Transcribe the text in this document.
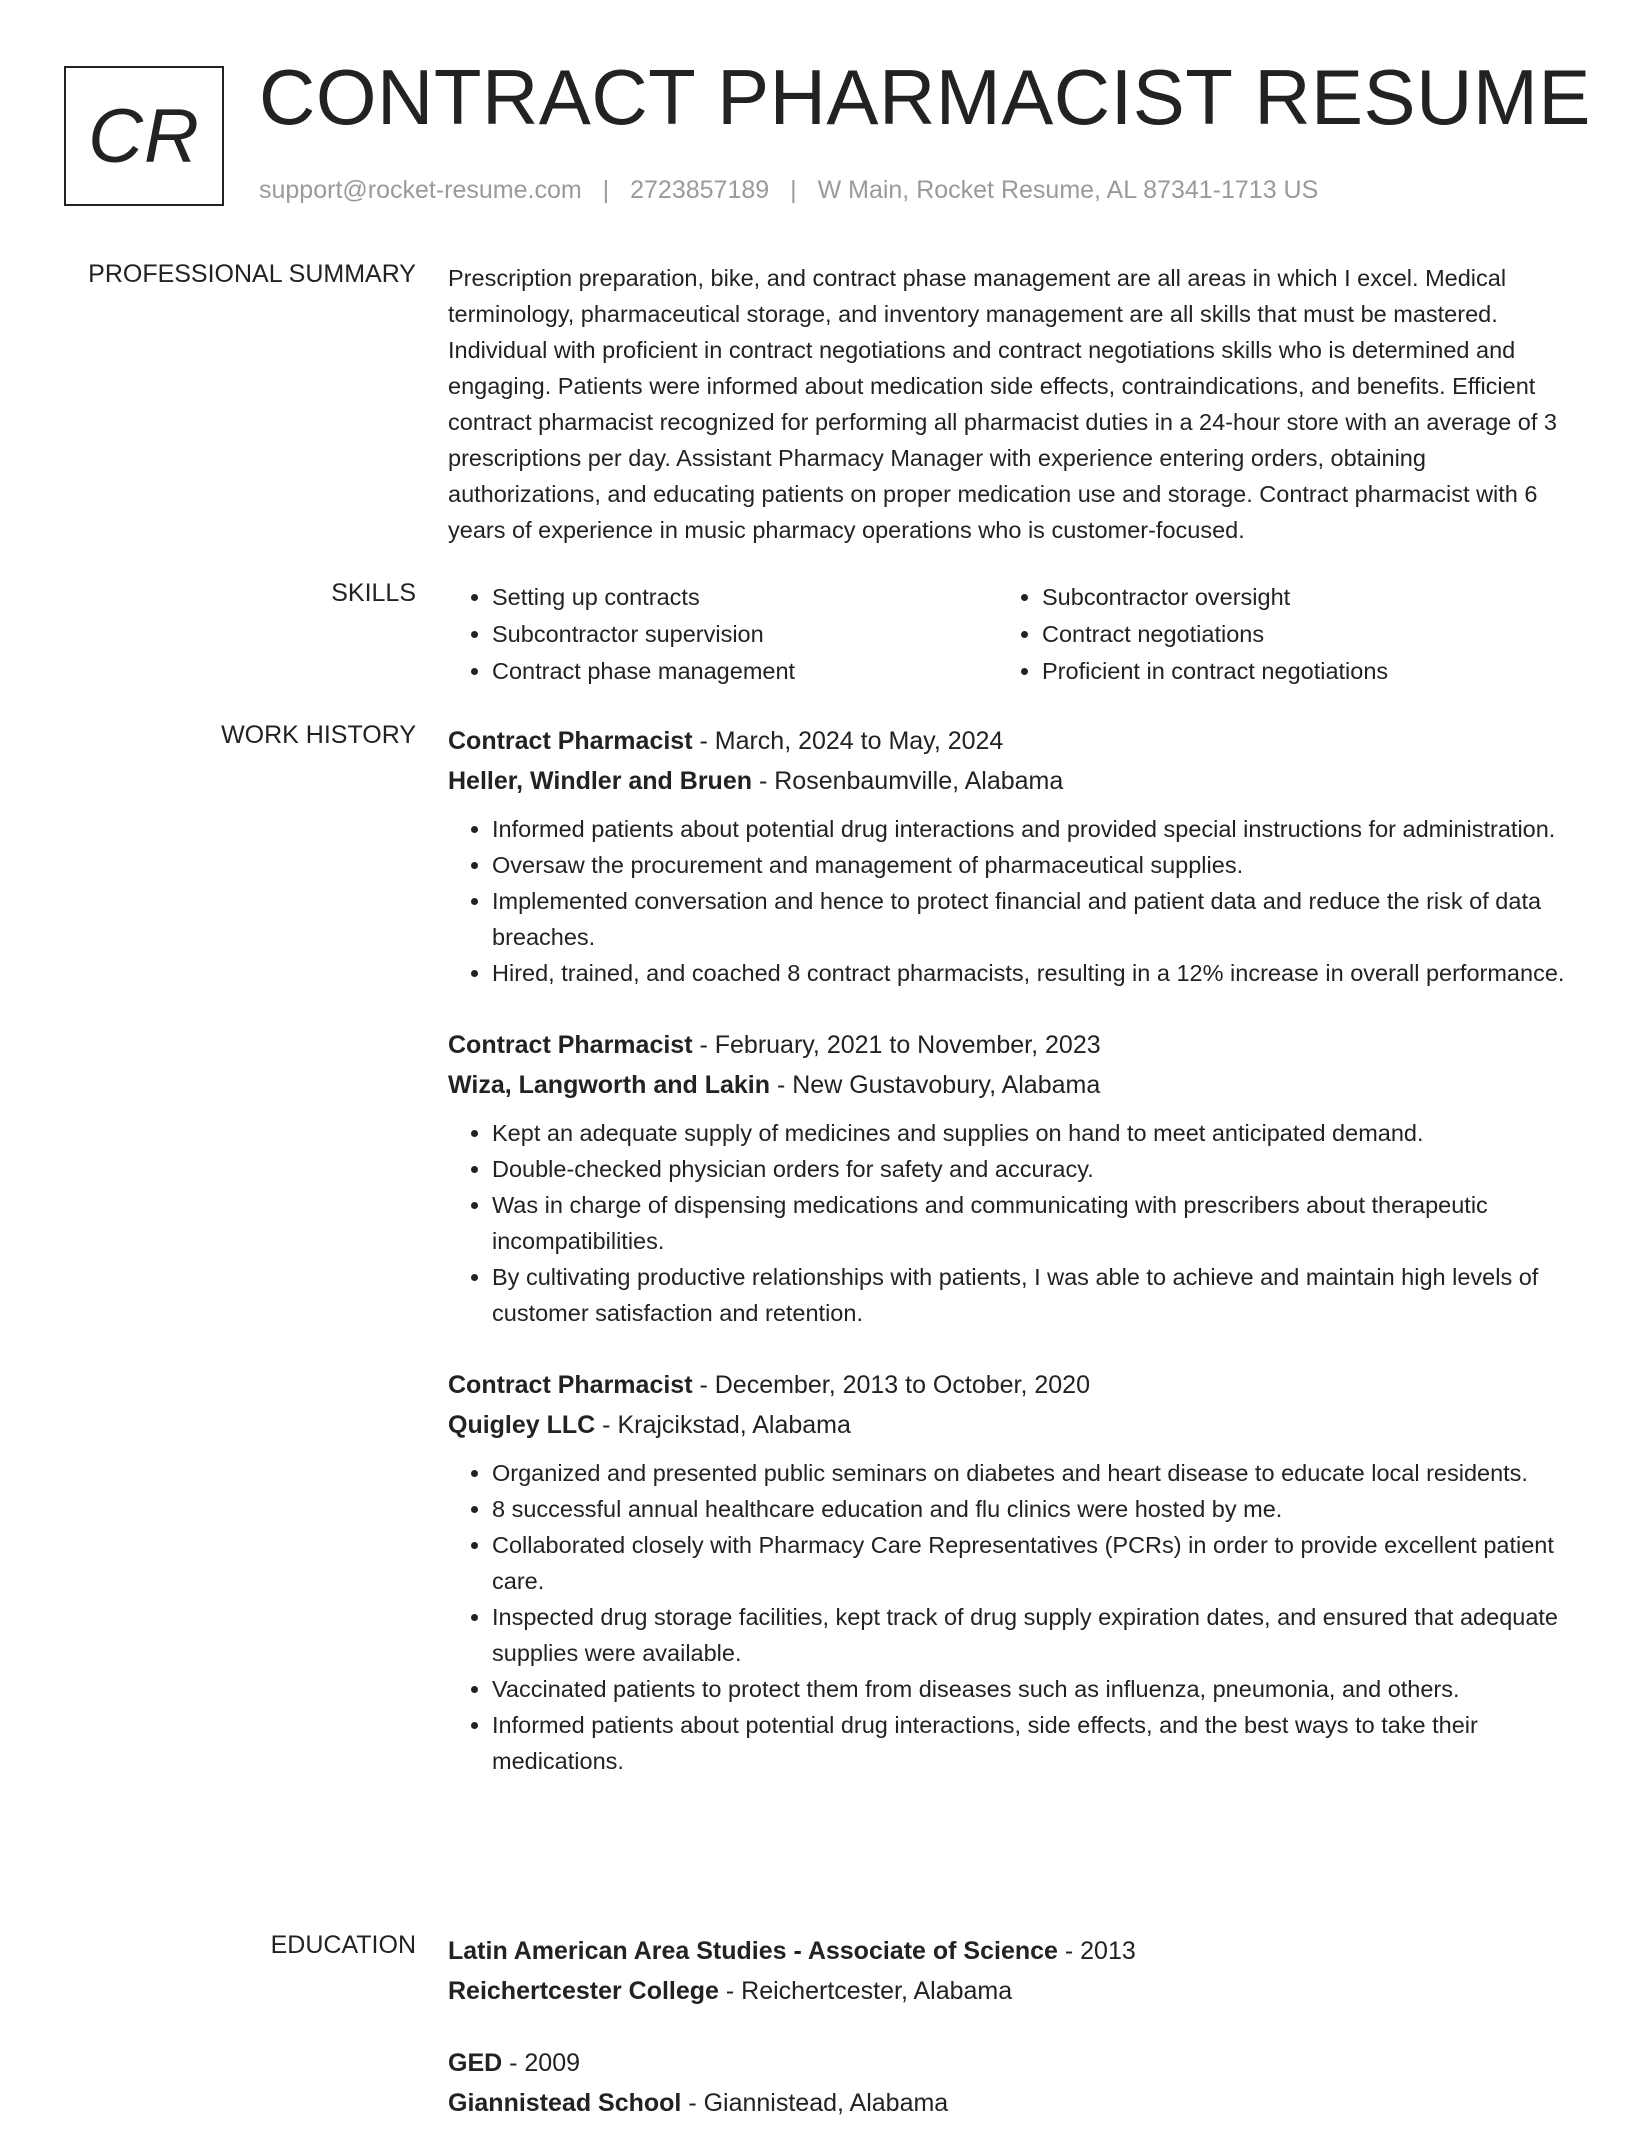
CR CONTRACT PHARMACIST RESUME
support@rocket-resume.com | 2723857189 | W Main, Rocket Resume, AL 87341-1713 US
PROFESSIONAL SUMMARY Prescription preparation, bike, and contract phase management are all areas in which I excel. Medical terminology, pharmaceutical storage, and inventory management are all skills that must be mastered. Individual with proficient in contract negotiations and contract negotiations skills who is determined and engaging. Patients were informed about medication side effects, contraindications, and benefits. Efficient contract pharmacist recognized for performing all pharmacist duties in a 24-hour store with an average of 3 prescriptions per day. Assistant Pharmacy Manager with experience entering orders, obtaining authorizations, and educating patients on proper medication use and storage. Contract pharmacist with 6 years of experience in music pharmacy operations who is customer-focused.

SKILLS
•	Setting up contracts
• Subcontractor supervision
• Contract phase management
• Subcontractor oversight
• Contract negotiations
• Proficient in contract negotiations
WORK HISTORY Contract Pharmacist - March, 2024 to May, 2024
Heller, Windler and Bruen - Rosenbaumville, Alabama
• Informed patients about potential drug interactions and provided special instructions for administration.
• Oversaw the procurement and management of pharmaceutical supplies.
• Implemented conversation and hence to protect financial and patient data and reduce the risk of data breaches.
• Hired, trained, and coached 8 contract pharmacists, resulting in a 12% increase in overall performance.
Contract Pharmacist - February, 2021 to November, 2023
Wiza, Langworth and Lakin - New Gustavobury, Alabama
• Kept an adequate supply of medicines and supplies on hand to meet anticipated demand.
• Double-checked physician orders for safety and accuracy.
• Was in charge of dispensing medications and communicating with prescribers about therapeutic incompatibilities.
• By cultivating productive relationships with patients, I was able to achieve and maintain high levels of customer satisfaction and retention.
Contract Pharmacist - December, 2013 to October, 2020
Quigley LLC - Krajcikstad, Alabama
• Organized and presented public seminars on diabetes and heart disease to educate local residents.
• 8 successful annual healthcare education and flu clinics were hosted by me.
• Collaborated closely with Pharmacy Care Representatives (PCRs) in order to provide excellent patient care.
• Inspected drug storage facilities, kept track of drug supply expiration dates, and ensured that adequate supplies were available.
• Vaccinated patients to protect them from diseases such as influenza, pneumonia, and others.
• Informed patients about potential drug interactions, side effects, and the best ways to take their medications.
EDUCATION Latin American Area Studies - Associate of Science - 2013
Reichertcester College - Reichertcester, Alabama
GED - 2009
Giannistead School - Giannistead, Alabama
